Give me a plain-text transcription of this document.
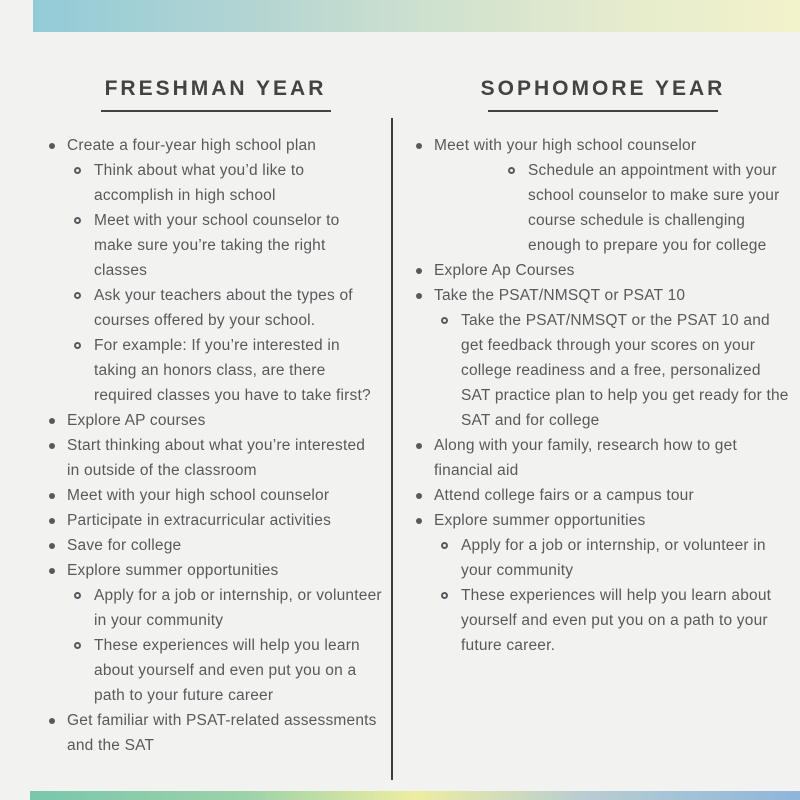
FRESHMAN YEAR
Create a four-year high school plan
Think about what you’d like to accomplish in high school
Meet with your school counselor to make sure you’re taking the right classes
Ask your teachers about the types of courses offered by your school.
For example: If you’re interested in taking an honors class, are there required classes you have to take first?
Explore AP courses
Start thinking about what you’re interested in outside of the classroom
Meet with your high school counselor
Participate in extracurricular activities
Save for college
Explore summer opportunities
Apply for a job or internship, or volunteer in your community
These experiences will help you learn about yourself and even put you on a path to your future career
Get familiar with PSAT-related assessments and the SAT
SOPHOMORE YEAR
Meet with your high school counselor
Schedule an appointment with your school counselor to make sure your course schedule is challenging enough to prepare you for college
Explore Ap Courses
Take the PSAT/NMSQT or PSAT 10
Take the PSAT/NMSQT or the PSAT 10 and get feedback through your scores on your college readiness and a free, personalized SAT practice plan to help you get ready for the SAT and for college
Along with your family, research how to get financial aid
Attend college fairs or a campus tour
Explore summer opportunities
Apply for a job or internship, or volunteer in your community
These experiences will help you learn about yourself and even put you on a path to your future career.
